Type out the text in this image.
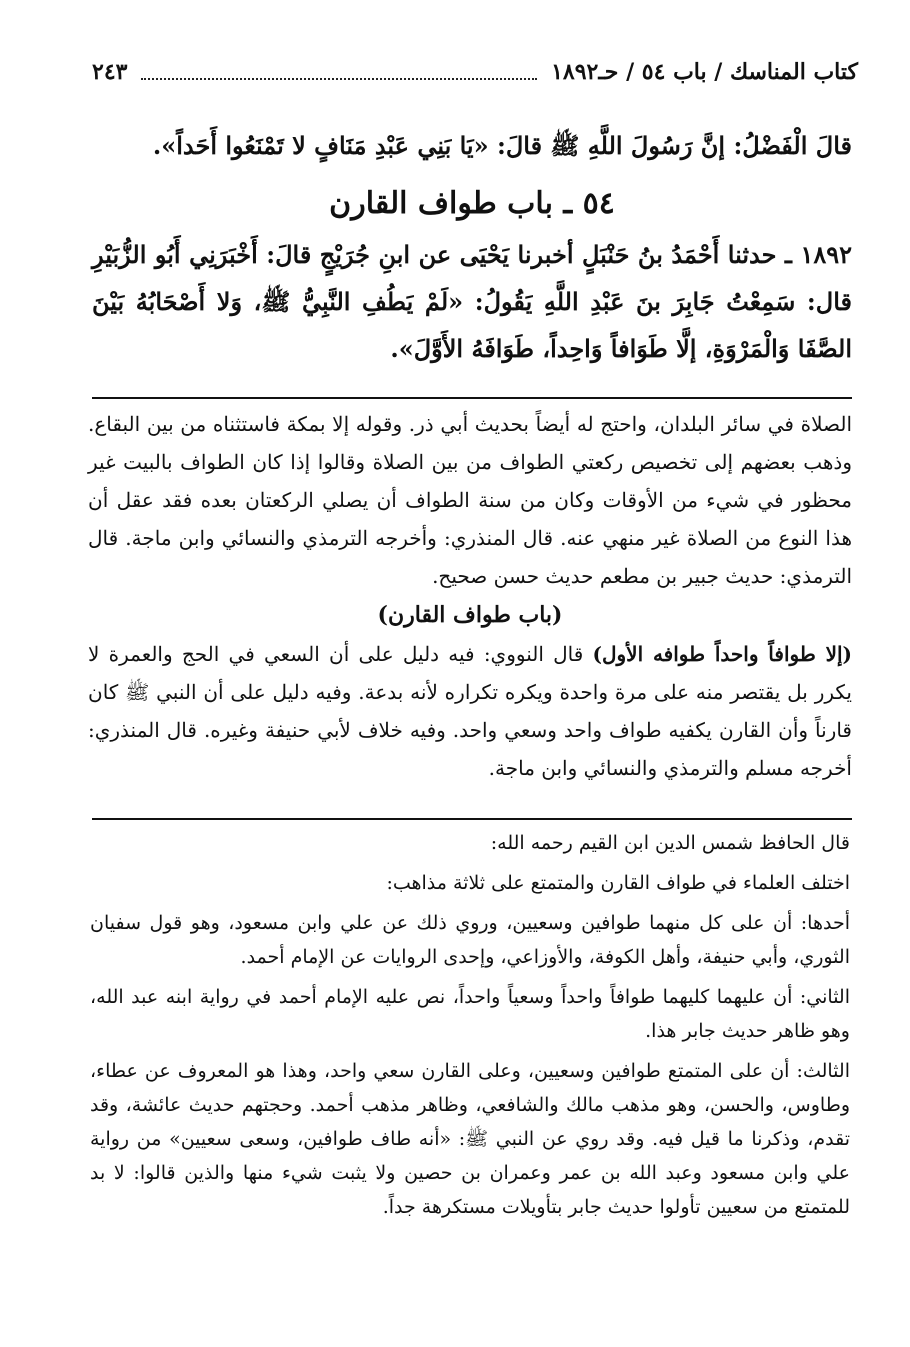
كتاب المناسك / باب ٥٤ / حـ١٨٩٢
٢٤٣

قالَ الْفَضْلُ: إنَّ رَسُولَ اللَّهِ ﷺ قالَ: «يَا بَنِي عَبْدِ مَنَافٍ لا تَمْنَعُوا أَحَداً».

٥٤ ـ باب طواف القارن

١٨٩٢ ـ حدثنا أَحْمَدُ بنُ حَنْبَلٍ أخبرنا يَحْيَى عن ابنِ جُرَيْجٍ قالَ: أَخْبَرَنِي أَبُو الزُّبَيْرِ قال: سَمِعْتُ جَابِرَ بنَ عَبْدِ اللَّهِ يَقُولُ: «لَمْ يَطُفِ النَّبِيُّ ﷺ، وَلا أَصْحَابُهُ بَيْنَ الصَّفَا وَالْمَرْوَةِ، إلَّا طَوَافاً وَاحِداً، طَوَافَهُ الأَوَّلَ».

الصلاة في سائر البلدان، واحتج له أيضاً بحديث أبي ذر. وقوله إلا بمكة فاستثناه من بين البقاع. وذهب بعضهم إلى تخصيص ركعتي الطواف من بين الصلاة وقالوا إذا كان الطواف بالبيت غير محظور في شيء من الأوقات وكان من سنة الطواف أن يصلي الركعتان بعده فقد عقل أن هذا النوع من الصلاة غير منهي عنه. قال المنذري: وأخرجه الترمذي والنسائي وابن ماجة. قال الترمذي: حديث جبير بن مطعم حديث حسن صحيح.

(باب طواف القارن)

(إلا طوافاً واحداً طوافه الأول) قال النووي: فيه دليل على أن السعي في الحج والعمرة لا يكرر بل يقتصر منه على مرة واحدة ويكره تكراره لأنه بدعة. وفيه دليل على أن النبي ﷺ كان قارناً وأن القارن يكفيه طواف واحد وسعي واحد. وفيه خلاف لأبي حنيفة وغيره. قال المنذري: أخرجه مسلم والترمذي والنسائي وابن ماجة.

قال الحافظ شمس الدين ابن القيم رحمه الله:

اختلف العلماء في طواف القارن والمتمتع على ثلاثة مذاهب:

أحدها: أن على كل منهما طوافين وسعيين، وروي ذلك عن علي وابن مسعود، وهو قول سفيان الثوري، وأبي حنيفة، وأهل الكوفة، والأوزاعي، وإحدى الروايات عن الإمام أحمد.

الثاني: أن عليهما كليهما طوافاً واحداً وسعياً واحداً، نص عليه الإمام أحمد في رواية ابنه عبد الله، وهو ظاهر حديث جابر هذا.

الثالث: أن على المتمتع طوافين وسعيين، وعلى القارن سعي واحد، وهذا هو المعروف عن عطاء، وطاوس، والحسن، وهو مذهب مالك والشافعي، وظاهر مذهب أحمد. وحجتهم حديث عائشة، وقد تقدم، وذكرنا ما قيل فيه. وقد روي عن النبي ﷺ: «أنه طاف طوافين، وسعى سعيين» من رواية علي وابن مسعود وعبد الله بن عمر وعمران بن حصين ولا يثبت شيء منها والذين قالوا: لا بد للمتمتع من سعيين تأولوا حديث جابر بتأويلات مستكرهة جداً.
